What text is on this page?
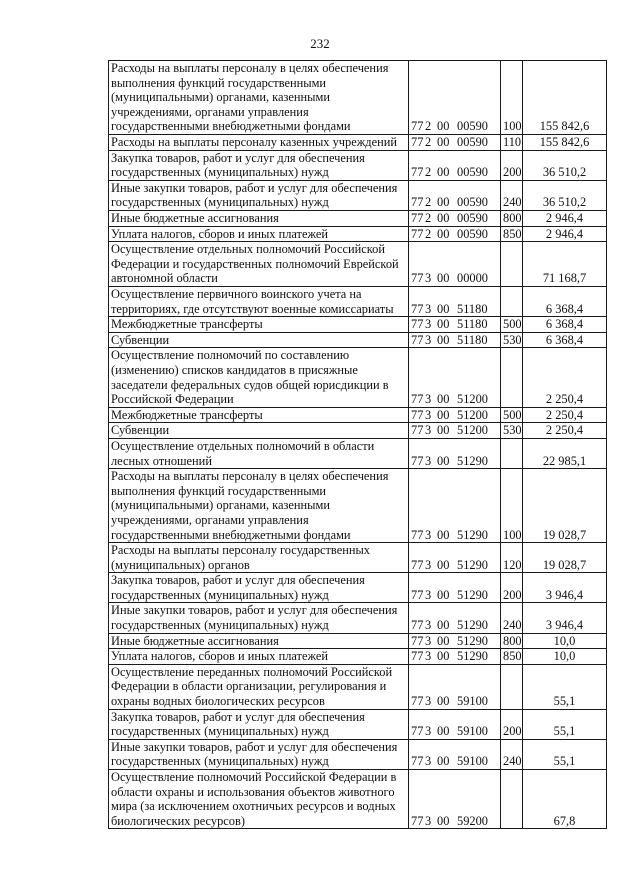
232
Расходы на выплаты персоналу в целях обеспечения выполнения функций государственными (муниципальными) органами, казенными учреждениями, органами управления государственными внебюджетными фондами	77 2 00 00590	100	155 842,6
Расходы на выплаты персоналу казенных учреждений	77 2 00 00590	110	155 842,6
Закупка товаров, работ и услуг для обеспечения государственных (муниципальных) нужд	77 2 00 00590	200	36 510,2
Иные закупки товаров, работ и услуг для обеспечения государственных (муниципальных) нужд	77 2 00 00590	240	36 510,2
Иные бюджетные ассигнования	77 2 00 00590	800	2 946,4
Уплата налогов, сборов и иных платежей	77 2 00 00590	850	2 946,4
Осуществление отдельных полномочий Российской Федерации и государственных полномочий Еврейской автономной области	77 3 00 00000		71 168,7
Осуществление первичного воинского учета на территориях, где отсутствуют военные комиссариаты	77 3 00 51180		6 368,4
Межбюджетные трансферты	77 3 00 51180	500	6 368,4
Субвенции	77 3 00 51180	530	6 368,4
Осуществление полномочий по составлению (изменению) списков кандидатов в присяжные заседатели федеральных судов общей юрисдикции в Российской Федерации	77 3 00 51200		2 250,4
Межбюджетные трансферты	77 3 00 51200	500	2 250,4
Субвенции	77 3 00 51200	530	2 250,4
Осуществление отдельных полномочий в области лесных отношений	77 3 00 51290		22 985,1
Расходы на выплаты персоналу в целях обеспечения выполнения функций государственными (муниципальными) органами, казенными учреждениями, органами управления государственными внебюджетными фондами	77 3 00 51290	100	19 028,7
Расходы на выплаты персоналу государственных (муниципальных) органов	77 3 00 51290	120	19 028,7
Закупка товаров, работ и услуг для обеспечения государственных (муниципальных) нужд	77 3 00 51290	200	3 946,4
Иные закупки товаров, работ и услуг для обеспечения государственных (муниципальных) нужд	77 3 00 51290	240	3 946,4
Иные бюджетные ассигнования	77 3 00 51290	800	10,0
Уплата налогов, сборов и иных платежей	77 3 00 51290	850	10,0
Осуществление переданных полномочий Российской Федерации в области организации, регулирования и охраны водных биологических ресурсов	77 3 00 59100		55,1
Закупка товаров, работ и услуг для обеспечения государственных (муниципальных) нужд	77 3 00 59100	200	55,1
Иные закупки товаров, работ и услуг для обеспечения государственных (муниципальных) нужд	77 3 00 59100	240	55,1
Осуществление полномочий Российской Федерации в области охраны и использования объектов животного мира (за исключением охотничьих ресурсов и водных биологических ресурсов)	77 3 00 59200		67,8
